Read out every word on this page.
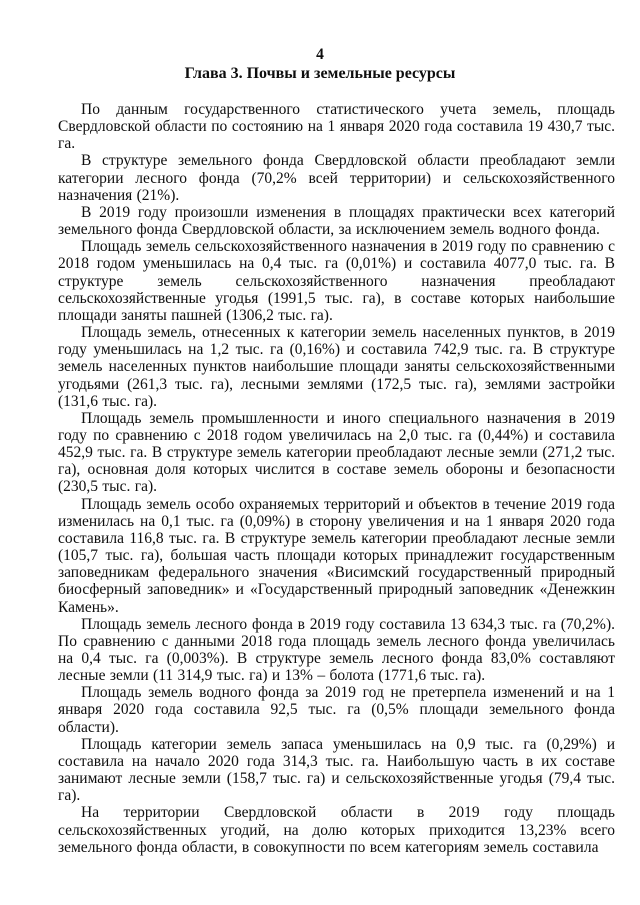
4
Глава 3. Почвы и земельные ресурсы

По данным государственного статистического учета земель, площадь Свердловской области по состоянию на 1 января 2020 года составила 19 430,7 тыс. га.

В структуре земельного фонда Свердловской области преобладают земли категории лесного фонда (70,2% всей территории) и сельскохозяйственного назначения (21%).

В 2019 году произошли изменения в площадях практически всех категорий земельного фонда Свердловской области, за исключением земель водного фонда.

Площадь земель сельскохозяйственного назначения в 2019 году по сравнению с 2018 годом уменьшилась на 0,4 тыс. га (0,01%) и составила 4077,0 тыс. га. В структуре земель сельскохозяйственного назначения преобладают сельскохозяйственные угодья (1991,5 тыс. га), в составе которых наибольшие площади заняты пашней (1306,2 тыс. га).

Площадь земель, отнесенных к категории земель населенных пунктов, в 2019 году уменьшилась на 1,2 тыс. га (0,16%) и составила 742,9 тыс. га. В структуре земель населенных пунктов наибольшие площади заняты сельскохозяйственными угодьями (261,3 тыс. га), лесными землями (172,5 тыс. га), землями застройки (131,6 тыс. га).

Площадь земель промышленности и иного специального назначения в 2019 году по сравнению с 2018 годом увеличилась на 2,0 тыс. га (0,44%) и составила 452,9 тыс. га. В структуре земель категории преобладают лесные земли (271,2 тыс. га), основная доля которых числится в составе земель обороны и безопасности (230,5 тыс. га).

Площадь земель особо охраняемых территорий и объектов в течение 2019 года изменилась на 0,1 тыс. га (0,09%) в сторону увеличения и на 1 января 2020 года составила 116,8 тыс. га. В структуре земель категории преобладают лесные земли (105,7 тыс. га), большая часть площади которых принадлежит государственным заповедникам федерального значения «Висимский государственный природный биосферный заповедник» и «Государственный природный заповедник «Денежкин Камень».

Площадь земель лесного фонда в 2019 году составила 13 634,3 тыс. га (70,2%). По сравнению с данными 2018 года площадь земель лесного фонда увеличилась на 0,4 тыс. га (0,003%). В структуре земель лесного фонда 83,0% составляют лесные земли (11 314,9 тыс. га) и 13% – болота (1771,6 тыс. га).

Площадь земель водного фонда за 2019 год не претерпела изменений и на 1 января 2020 года составила 92,5 тыс. га (0,5% площади земельного фонда области).

Площадь категории земель запаса уменьшилась на 0,9 тыс. га (0,29%) и составила на начало 2020 года 314,3 тыс. га. Наибольшую часть в их составе занимают лесные земли (158,7 тыс. га) и сельскохозяйственные угодья (79,4 тыс. га).

На территории Свердловской области в 2019 году площадь сельскохозяйственных угодий, на долю которых приходится 13,23% всего земельного фонда области, в совокупности по всем категориям земель составила
